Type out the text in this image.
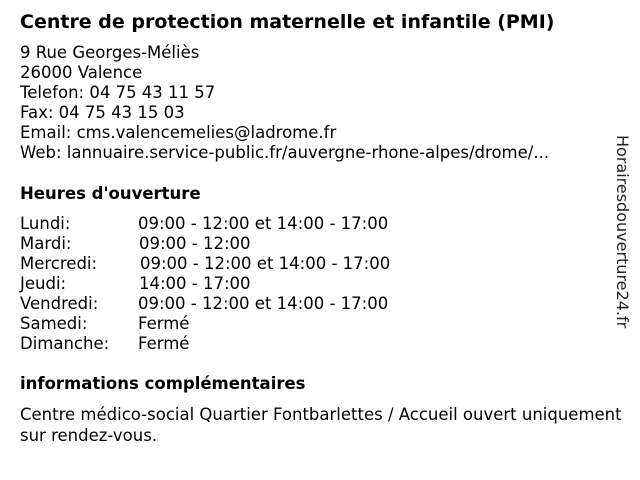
Centre de protection maternelle et infantile (PMI)
9 Rue Georges-Méliès
26000 Valence
Telefon: 04 75 43 11 57
Fax: 04 75 43 15 03
Email: cms.valencemelies@ladrome.fr
Web: lannuaire.service-public.fr/auvergne-rhone-alpes/drome/...
Heures d'ouverture
Lundi:	09:00 - 12:00 et 14:00 - 17:00
Mardi:	09:00 - 12:00
Mercredi:	09:00 - 12:00 et 14:00 - 17:00
Jeudi:	14:00 - 17:00
Vendredi: 09:00 - 12:00 et 14:00 - 17:00
Samedi:	Fermé
Dimanche: Fermé
informations complémentaires
Centre médico-social Quartier Fontbarlettes / Accueil ouvert uniquement sur rendez-vous.
Horairesdouverture24.fr
